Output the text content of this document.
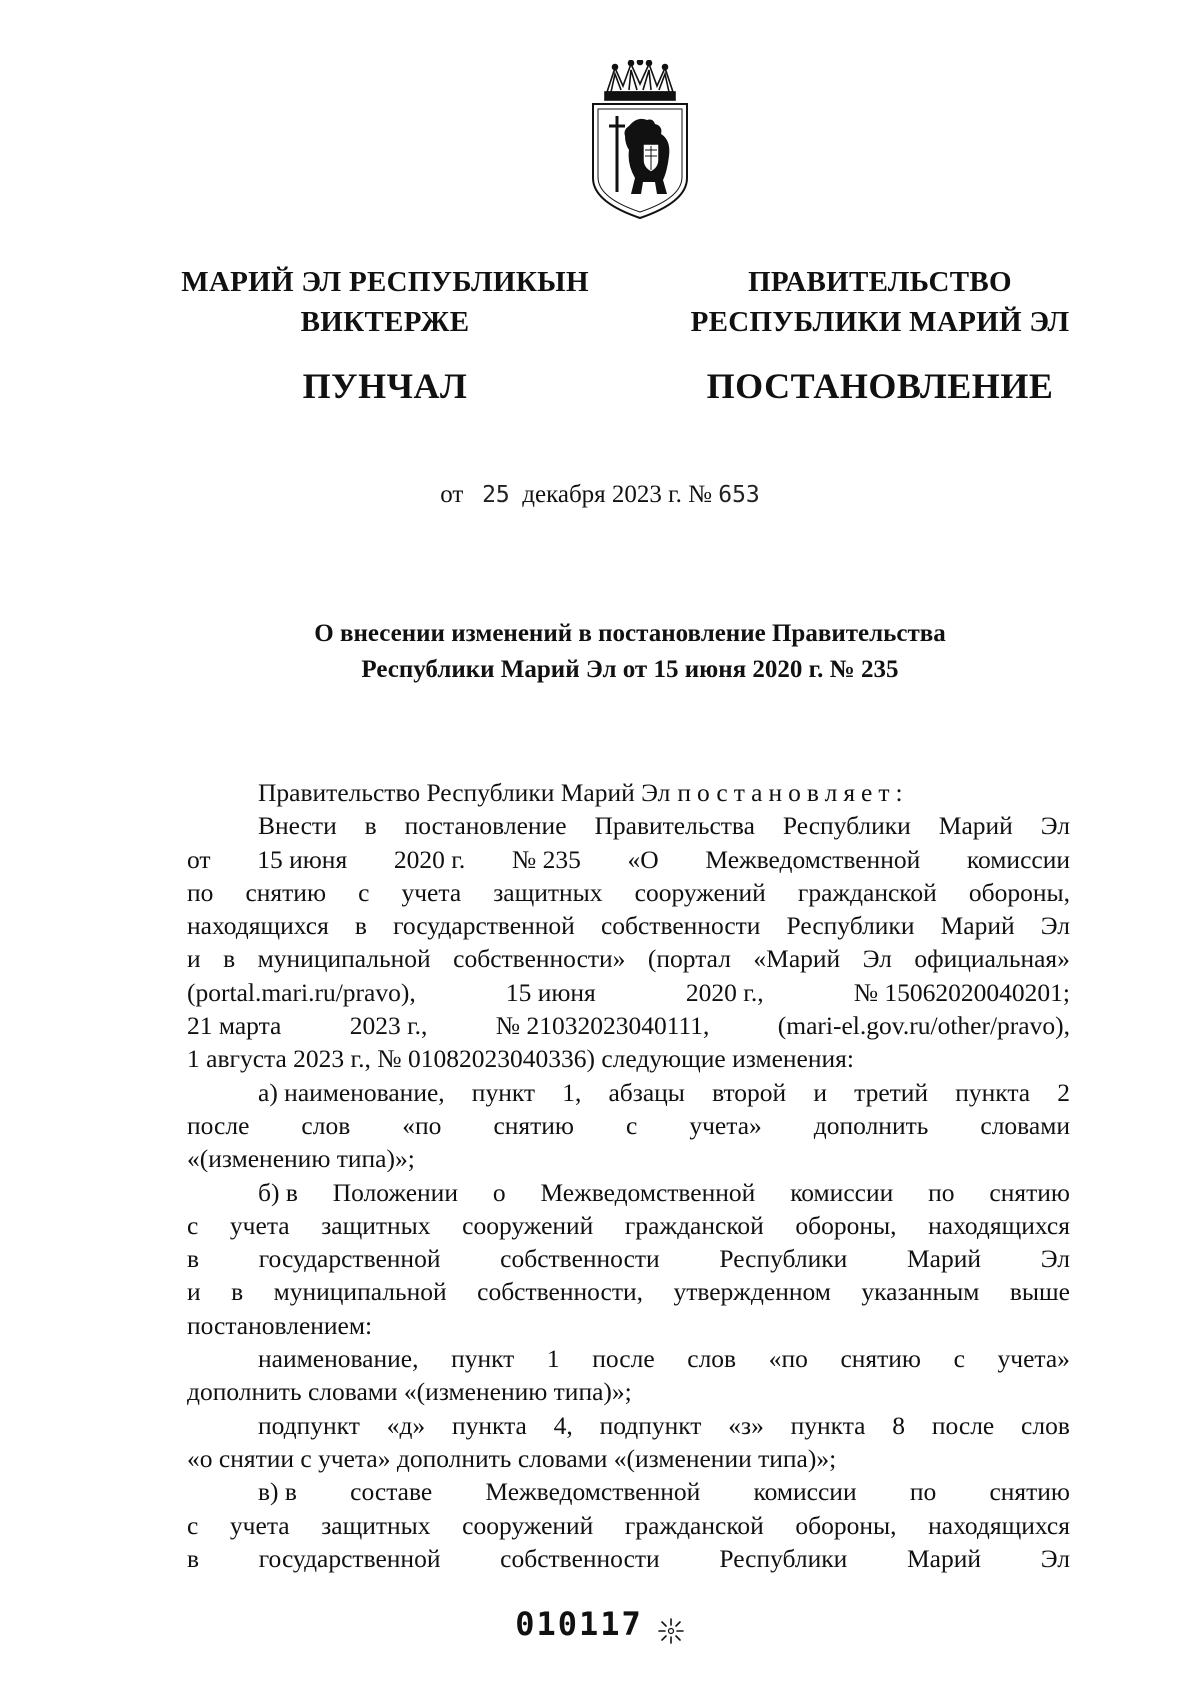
МАРИЙ ЭЛ РЕСПУБЛИКЫН
ВИКТЕРЖЕ
ПУНЧАЛ
ПРАВИТЕЛЬСТВО
РЕСПУБЛИКИ МАРИЙ ЭЛ
ПОСТАНОВЛЕНИЕ
от 25 декабря 2023 г. № 653
О внесении изменений в постановление Правительства
Республики Марий Эл от 15 июня 2020 г. № 235
Правительство Республики Марий Эл постановляет:
Внести в постановление Правительства Республики Марий Эл
от 15 июня 2020 г. № 235 «О Межведомственной комиссии
по снятию с учета защитных сооружений гражданской обороны,
находящихся в государственной собственности Республики Марий Эл
и в муниципальной собственности» (портал «Марий Эл официальная»
(portal.mari.ru/pravo),	15 июня	2020 г.,	№ 15062020040201;
21 марта	2023 г.,	№ 21032023040111,	(mari-el.gov.ru/other/pravo),
1 августа 2023 г., № 01082023040336) следующие изменения:
а) наименование, пункт 1, абзацы второй и третий пункта 2
после слов «по снятию с учета» дополнить словами
«(изменению типа)»;
б) в Положении о Межведомственной комиссии по снятию
с учета защитных сооружений гражданской обороны, находящихся
в государственной собственности Республики Марий Эл
и в муниципальной собственности, утвержденном указанным выше
постановлением:
наименование, пункт 1 после слов «по снятию с учета»
дополнить словами «(изменению типа)»;
подпункт «д» пункта 4, подпункт «з» пункта 8 после слов
«о снятии с учета» дополнить словами «(изменении типа)»;
в) в составе Межведомственной комиссии по снятию
с учета защитных сооружений гражданской обороны, находящихся
в государственной собственности Республики Марий Эл
010117
